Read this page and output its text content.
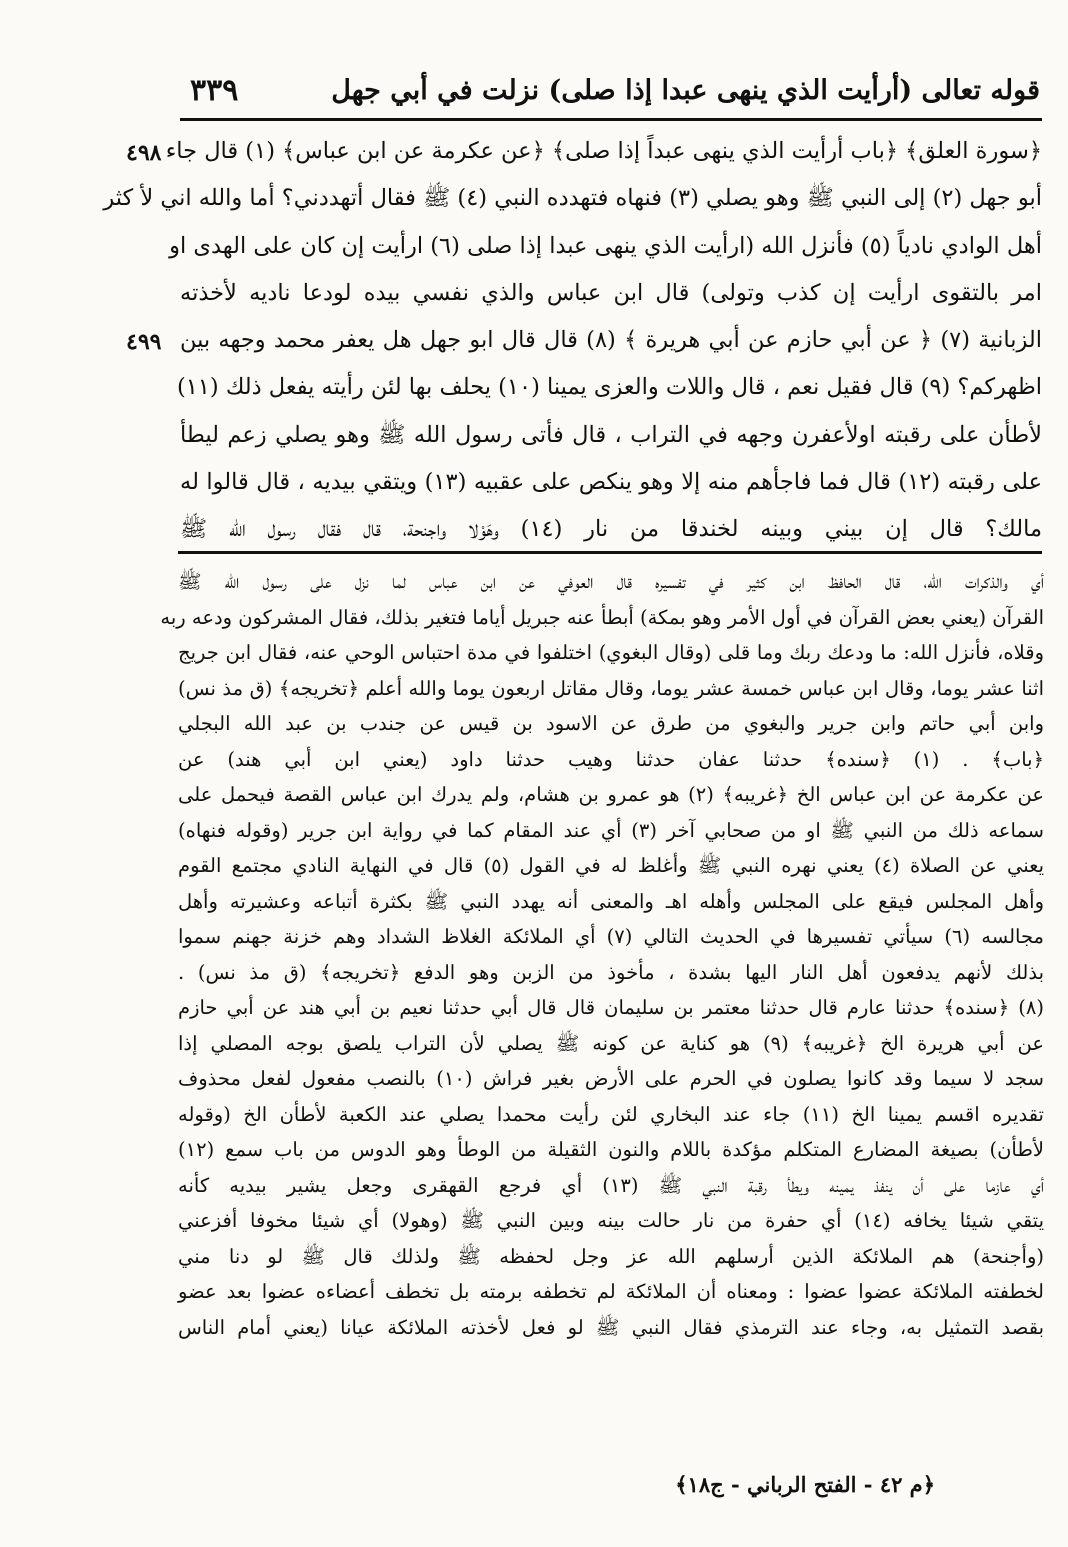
قوله تعالى (أرأيت الذي ينهى عبدا إذا صلى) نزلت في أبي جهل
٣٣٩
٤٩٨
٤٩٩

﴿سورة العلق﴾ ﴿باب أرأيت الذي ينهى عبداً إذا صلى﴾ ﴿عن عكرمة عن ابن عباس﴾ (١) قال جاء

أبو جهل (٢) إلى النبي ﷺ وهو يصلي (٣) فنهاه فتهدده النبي (٤) ﷺ فقال أتهددني؟ أما والله اني لأ كثر

أهل الوادي نادياً (٥) فأنزل الله (ارأيت الذي ينهى عبدا إذا صلى (٦) ارأيت إن كان على الهدى او

امر بالتقوى ارأيت إن كذب وتولى) قال ابن عباس والذي نفسي بيده لودعا ناديه لأخذته

الزبانية (٧) ﴿ عن أبي حازم عن أبي هريرة ﴾ (٨) قال قال ابو جهل هل يعفر محمد وجهه بين

اظهركم؟ (٩) قال فقيل نعم ، قال واللات والعزى يمينا (١٠) يحلف بها لئن رأيته يفعل ذلك (١١)

لأطأن على رقبته اولأعفرن وجهه في التراب ، قال فأتى رسول الله ﷺ وهو يصلي زعم ليطأ

على رقبته (١٢) قال فما فاجأهم منه إلا وهو ينكص على عقبيه (١٣) ويتقي بيديه ، قال قالوا له

مالك؟ قال إن بيني وبينه لخندقا من نار (١٤) وهَوْلا واجنحة، قال فقال رسول الله ﷺ

أي والذكرات الله، قال الحافظ ابن كثير في تفسيره قال العوفي عن ابن عباس لما نزل على رسول الله ﷺ

القرآن (يعني بعض القرآن في أول الأمر وهو بمكة) أبطأ عنه جبريل أياما فتغير بذلك، فقال المشركون ودعه ربه

وقلاه، فأنزل الله: ما ودعك ربك وما قلى (وقال البغوي) اختلفوا في مدة احتباس الوحي عنه، فقال ابن جريج

اثنا عشر يوما، وقال ابن عباس خمسة عشر يوما، وقال مقاتل اربعون يوما والله أعلم ﴿تخريجه﴾ (ق مذ نس)

وابن أبي حاتم وابن جرير والبغوي من طرق عن الاسود بن قيس عن جندب بن عبد الله البجلي

﴿باب﴾ . (١) ﴿سنده﴾ حدثنا عفان حدثنا وهيب حدثنا داود (يعني ابن أبي هند) عن

عن عكرمة عن ابن عباس الخ ﴿غريبه﴾ (٢) هو عمرو بن هشام، ولم يدرك ابن عباس القصة فيحمل على

سماعه ذلك من النبي ﷺ او من صحابي آخر (٣) أي عند المقام كما في رواية ابن جرير (وقوله فنهاه)

يعني عن الصلاة (٤) يعني نهره النبي ﷺ وأغلظ له في القول (٥) قال في النهاية النادي مجتمع القوم

وأهل المجلس فيقع على المجلس وأهله اهـ والمعنى أنه يهدد النبي ﷺ بكثرة أتباعه وعشيرته وأهل

مجالسه (٦) سيأتي تفسيرها في الحديث التالي (٧) أي الملائكة الغلاظ الشداد وهم خزنة جهنم سموا

بذلك لأنهم يدفعون أهل النار اليها بشدة ، مأخوذ من الزبن وهو الدفع ﴿تخريجه﴾ (ق مذ نس) .

(٨) ﴿سنده﴾ حدثنا عارم قال حدثنا معتمر بن سليمان قال قال أبي حدثنا نعيم بن أبي هند عن أبي حازم

عن أبي هريرة الخ ﴿غريبه﴾ (٩) هو كناية عن كونه ﷺ يصلي لأن التراب يلصق بوجه المصلي إذا

سجد لا سيما وقد كانوا يصلون في الحرم على الأرض بغير فراش (١٠) بالنصب مفعول لفعل محذوف

تقديره اقسم يمينا الخ (١١) جاء عند البخاري لئن رأيت محمدا يصلي عند الكعبة لأطأن الخ (وقوله

لأطأن) بصيغة المضارع المتكلم مؤكدة باللام والنون الثقيلة من الوطأ وهو الدوس من باب سمع (١٢)

أي عازما على أن ينفذ يمينه ويطأ رقبة النبي ﷺ (١٣) أي فرجع القهقرى وجعل يشير بيديه كأنه

يتقي شيئا يخافه (١٤) أي حفرة من نار حالت بينه وبين النبي ﷺ (وهولا) أي شيئا مخوفا أفزعني

(وأجنحة) هم الملائكة الذين أرسلهم الله عز وجل لحفظه ﷺ ولذلك قال ﷺ لو دنا مني

لخطفته الملائكة عضوا عضوا : ومعناه أن الملائكة لم تخطفه برمته بل تخطف أعضاءه عضوا بعد عضو

بقصد التمثيل به، وجاء عند الترمذي فقال النبي ﷺ لو فعل لأخذته الملائكة عيانا (يعني أمام الناس

﴿م ٤٢ - الفتح الرباني - ج١٨﴾
